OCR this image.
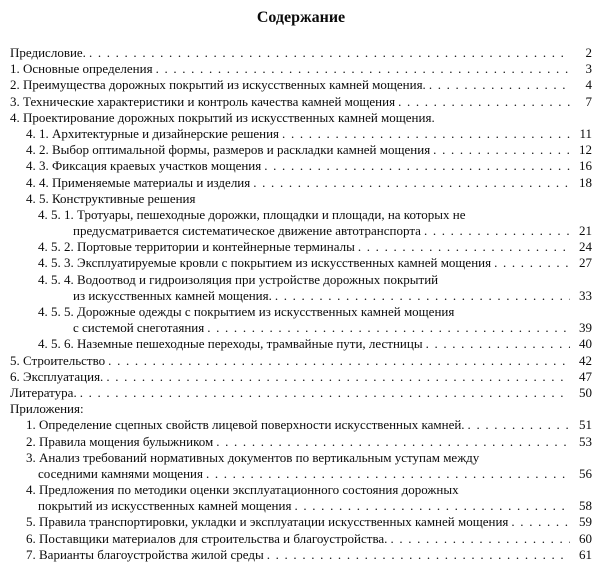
Содержание
Предисловие. . . .	2
1. Основные определения . . .	3
2. Преимущества дорожных покрытий из искусственных камней мощения. . . .	4
3. Технические характеристики и контроль качества камней мощения . . .	7
4. Проектирование дорожных покрытий из искусственных камней мощения.
4. 1. Архитектурные и дизайнерские решения . . .	11
4. 2. Выбор оптимальной формы, размеров и раскладки камней мощения . . .	12
4. 3. Фиксация краевых участков мощения . . .	16
4. 4. Применяемые материалы и изделия . . .	18
4. 5. Конструктивные решения
4. 5. 1. Тротуары, пешеходные дорожки, площадки и площади, на которых не
предусматривается систематическое движение автотранспорта . . .	21
4. 5. 2. Портовые территории и контейнерные терминалы . . .	24
4. 5. 3. Эксплуатируемые кровли с покрытием из искусственных камней мощения . . .	27
4. 5. 4. Водоотвод и гидроизоляция при устройстве дорожных покрытий
из искусственных камней мощения. . . .	33
4. 5. 5. Дорожные одежды с покрытием из искусственных камней мощения
с системой снеготаяния . . .	39
4. 5. 6. Наземные пешеходные переходы, трамвайные пути, лестницы . . .	40
5. Строительство . . .	42
6. Эксплуатация. . . .	47
Литература. . . .	50
Приложения:
1. Определение сцепных свойств лицевой поверхности искусственных камней. . . .	51
2. Правила мощения булыжником . . .	53
3. Анализ требований нормативных документов по вертикальным уступам между
соседними камнями мощения . . .	56
4. Предложения по методики оценки эксплуатационного состояния дорожных
покрытий из искусственных камней мощения . . .	58
5. Правила транспортировки, укладки и эксплуатации искусственных камней мощения . . .	59
6. Поставщики материалов для строительства и благоустройства. . . .	60
7. Варианты благоустройства жилой среды . . .	61
